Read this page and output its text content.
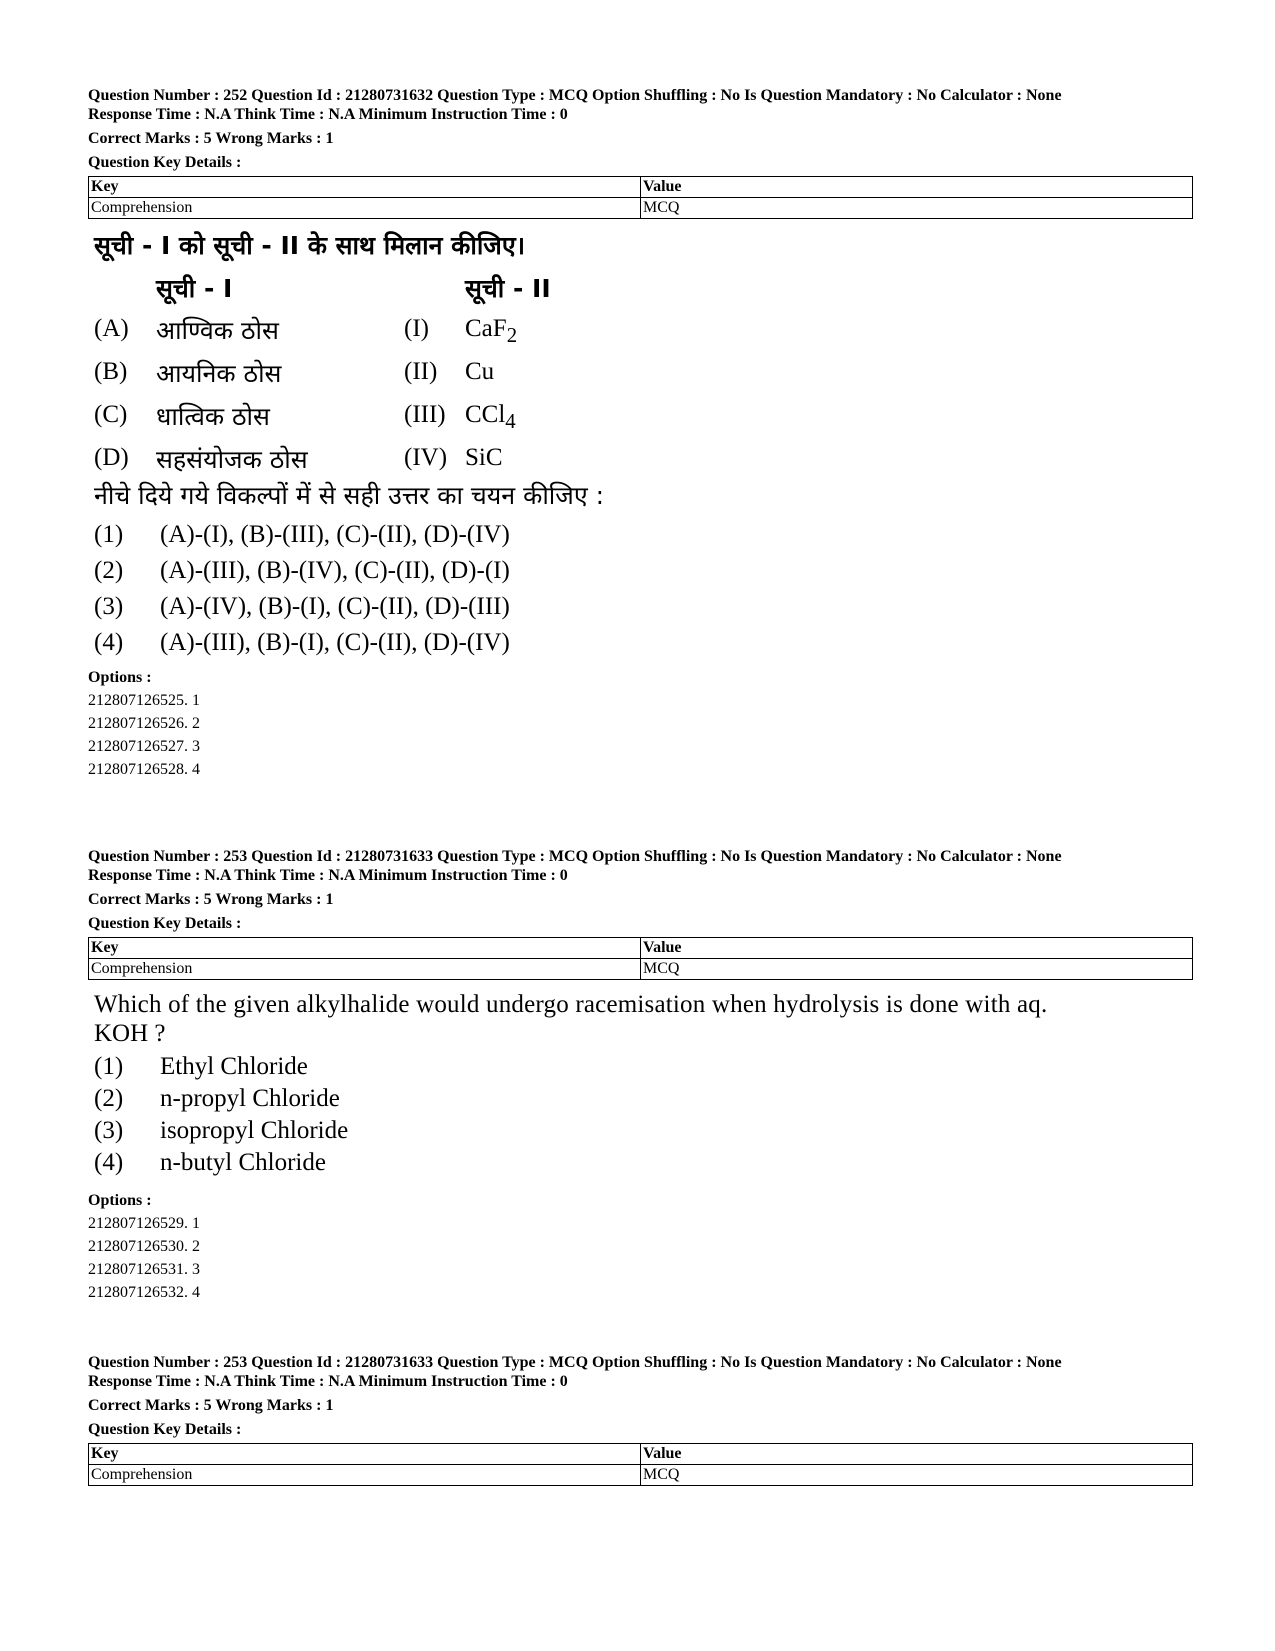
Question Number : 252 Question Id : 21280731632 Question Type : MCQ Option Shuffling : No Is Question Mandatory : No Calculator : None
Response Time : N.A Think Time : N.A Minimum Instruction Time : 0
Correct Marks : 5 Wrong Marks : 1
Question Key Details :
Key	Value
Comprehension	MCQ
सूची - I को सूची - II के साथ मिलान कीजिए।
सूची - I	सूची - II
(A) आण्विक ठोस	(I) CaF$_2$
(B) आयनिक ठोस	(II) Cu
(C) धात्विक ठोस	(III) CCl$_4$
(D) सहसंयोजक ठोस	(IV) SiC
नीचे दिये गये विकल्पों में से सही उत्तर का चयन कीजिए :
(1)	(A)-(I), (B)-(III), (C)-(II), (D)-(IV)
(2)	(A)-(III), (B)-(IV), (C)-(II), (D)-(I)
(3)	(A)-(IV), (B)-(I), (C)-(II), (D)-(III)
(4)	(A)-(III), (B)-(I), (C)-(II), (D)-(IV)
Options :
212807126525. 1
212807126526. 2
212807126527. 3
212807126528. 4
Question Number : 253 Question Id : 21280731633 Question Type : MCQ Option Shuffling : No Is Question Mandatory : No Calculator : None
Response Time : N.A Think Time : N.A Minimum Instruction Time : 0
Correct Marks : 5 Wrong Marks : 1
Question Key Details :
Key	Value
Comprehension	MCQ
Which of the given alkylhalide would undergo racemisation when hydrolysis is done with aq.
KOH ?
(1)	Ethyl Chloride
(2)	n-propyl Chloride
(3)	isopropyl Chloride
(4)	n-butyl Chloride
Options :
212807126529. 1
212807126530. 2
212807126531. 3
212807126532. 4
Question Number : 253 Question Id : 21280731633 Question Type : MCQ Option Shuffling : No Is Question Mandatory : No Calculator : None
Response Time : N.A Think Time : N.A Minimum Instruction Time : 0
Correct Marks : 5 Wrong Marks : 1
Question Key Details :
Key	Value
Comprehension	MCQ
